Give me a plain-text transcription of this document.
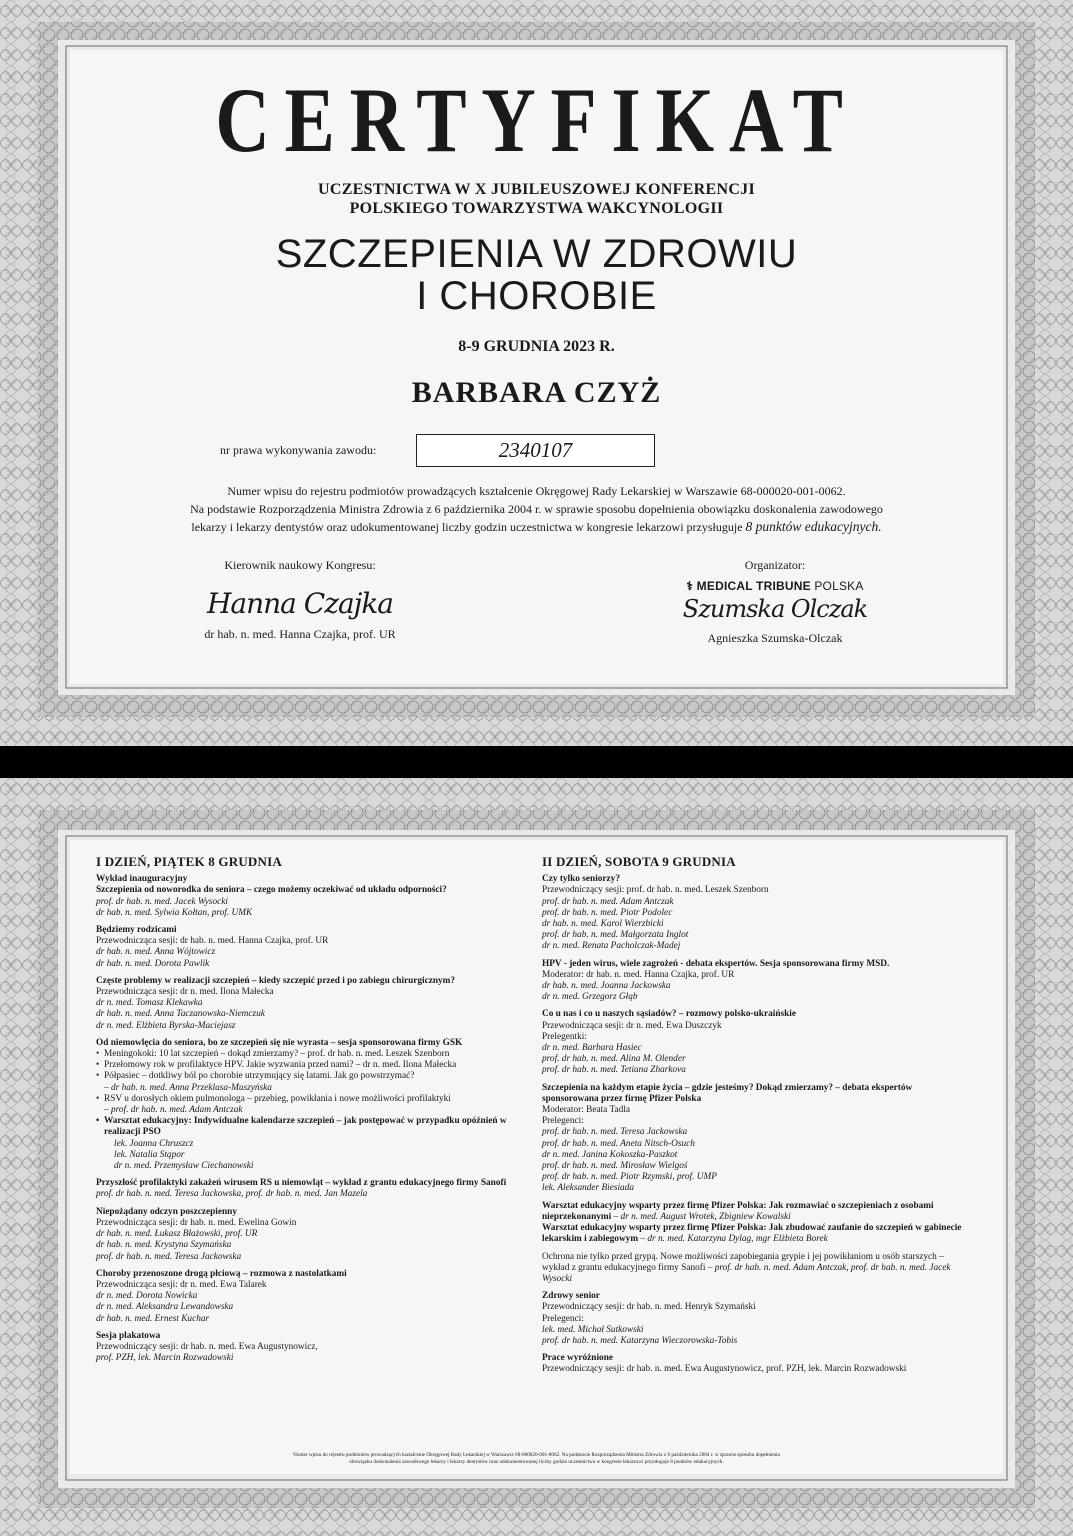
CERTYFIKAT
UCZESTNICTWA W X JUBILEUSZOWEJ KONFERENCJI
POLSKIEGO TOWARZYSTWA WAKCYNOLOGII
SZCZEPIENIA W ZDROWIU
I CHOROBIE
8-9 GRUDNIA 2023 R.
BARBARA CZYŻ
nr prawa wykonywania zawodu:	2340107
Numer wpisu do rejestru podmiotów prowadzących kształcenie Okręgowej Rady Lekarskiej w Warszawie 68-000020-001-0062.
Na podstawie Rozporządzenia Ministra Zdrowia z 6 października 2004 r. w sprawie sposobu dopełnienia obowiązku doskonalenia zawodowego
lekarzy i lekarzy dentystów oraz udokumentowanej liczby godzin uczestnictwa w kongresie lekarzowi przysługuje 8 punktów edukacyjnych.
Kierownik naukowy Kongresu:
Hanna Czajka
dr hab. n. med. Hanna Czajka, prof. UR
Organizator:
⚕ MEDICAL TRIBUNE POLSKA
Szumska Olczak
Agnieszka Szumska-Olczak
I DZIEŃ, PIĄTEK 8 GRUDNIA
Wykład inauguracyjny
Szczepienia od noworodka do seniora – czego możemy oczekiwać od układu odporności?
prof. dr hab. n. med. Jacek Wysocki
dr hab. n. med. Sylwia Kołtan, prof. UMK
Będziemy rodzicami
Przewodnicząca sesji: dr hab. n. med. Hanna Czajka, prof. UR
dr hab. n. med. Anna Wójtowicz
dr hab. n. med. Dorota Pawlik
Częste problemy w realizacji szczepień – kiedy szczepić przed i po zabiegu chirurgicznym?
Przewodnicząca sesji: dr n. med. Ilona Małecka
dr n. med. Tomasz Klekawka
dr hab. n. med. Anna Taczanowska-Niemczuk
dr n. med. Elżbieta Byrska-Maciejasz
Od niemowlęcia do seniora, bo ze szczepień się nie wyrasta – sesja sponsorowana firmy GSK
• Meningokoki: 10 lat szczepień – dokąd zmierzamy? – prof. dr hab. n. med. Leszek Szenborn
• Przełomowy rok w profilaktyce HPV. Jakie wyzwania przed nami? – dr n. med. Ilona Małecka
• Półpasiec – dotkliwy ból po chorobie utrzymujący się latami. Jak go powstrzymać?
– dr hab. n. med. Anna Przeklasa-Muszyńska
• RSV u dorosłych okiem pulmonologa – przebieg, powikłania i nowe możliwości profilaktyki
– prof. dr hab. n. med. Adam Antczak
• Warsztat edukacyjny: Indywidualne kalendarze szczepień – jak postępować w przypadku opóźnień w realizacji PSO
lek. Joanna Chruszcz
lek. Natalia Stąpor
dr n. med. Przemysław Ciechanowski
Przyszłość profilaktyki zakażeń wirusem RS u niemowląt – wykład z grantu edukacyjnego firmy Sanofi
prof. dr hab. n. med. Teresa Jackowska, prof. dr hab. n. med. Jan Mazela
Niepożądany odczyn poszczepienny
Przewodnicząca sesji: dr hab. n. med. Ewelina Gowin
dr hab. n. med. Łukasz Błażowski, prof. UR
dr hab. n. med. Krystyna Szymańska
prof. dr hab. n. med. Teresa Jackowska
Choroby przenoszone drogą płciową – rozmowa z nastolatkami
Przewodnicząca sesji: dr n. med. Ewa Talarek
dr n. med. Dorota Nowicka
dr n. med. Aleksandra Lewandowska
dr hab. n. med. Ernest Kuchar
Sesja plakatowa
Przewodniczący sesji: dr hab. n. med. Ewa Augustynowicz,
prof. PZH, lek. Marcin Rozwadowski
II DZIEŃ, SOBOTA 9 GRUDNIA
Czy tylko seniorzy?
Przewodniczący sesji: prof. dr hab. n. med. Leszek Szenborn
prof. dr hab. n. med. Adam Antczak
prof. dr hab. n. med. Piotr Podolec
dr hab. n. med. Karol Wierzbicki
prof. dr hab. n. med. Małgorzata Inglot
dr n. med. Renata Pacholczak-Madej
HPV - jeden wirus, wiele zagrożeń - debata ekspertów. Sesja sponsorowana firmy MSD.
Moderator: dr hab. n. med. Hanna Czajka, prof. UR
dr hab. n. med. Joanna Jackowska
dr n. med. Grzegorz Głąb
Co u nas i co u naszych sąsiadów? – rozmowy polsko-ukraińskie
Przewodnicząca sesji: dr n. med. Ewa Duszczyk
Prelegentki:
dr n. med. Barbara Hasiec
prof. dr hab. n. med. Alina M. Olender
prof. dr hab. n. med. Tetiana Zharkova
Szczepienia na każdym etapie życia – gdzie jesteśmy? Dokąd zmierzamy? – debata ekspertów sponsorowana przez firmę Pfizer Polska
Moderator: Beata Tadla
Prelegenci:
prof. dr hab. n. med. Teresa Jackowska
prof. dr hab. n. med. Aneta Nitsch-Osuch
dr n. med. Janina Kokoszka-Paszkot
prof. dr hab. n. med. Mirosław Wielgoś
prof. dr hab. n. med. Piotr Rzymski, prof. UMP
lek. Aleksander Biesiada
Warsztat edukacyjny wsparty przez firmę Pfizer Polska: Jak rozmawiać o szczepieniach z osobami nieprzekonanymi – dr n. med. August Wrotek, Zbigniew Kowalski
Warsztat edukacyjny wsparty przez firmę Pfizer Polska: Jak zbudować zaufanie do szczepień w gabinecie lekarskim i zabiegowym – dr n. med. Katarzyna Dylag, mgr Elżbieta Borek
Ochrona nie tylko przed grypą. Nowe możliwości zapobiegania grypie i jej powikłaniom u osób starszych – wykład z grantu edukacyjnego firmy Sanofi – prof. dr hab. n. med. Adam Antczak, prof. dr hab. n. med. Jacek Wysocki
Zdrowy senior
Przewodniczący sesji: dr hab. n. med. Henryk Szymański
Prelegenci:
lek. med. Michał Sutkowski
prof. dr hab. n. med. Katarzyna Wieczorowska-Tobis
Prace wyróżnione
Przewodniczący sesji: dr hab. n. med. Ewa Augustynowicz, prof. PZH, lek. Marcin Rozwadowski
Numer wpisu do rejestru podmiotów prowadzących kształcenie Okręgowej Rady Lekarskiej w Warszawie 68-000020-001-0062. Na podstawie Rozporządzenia Ministra Zdrowia z 6 października 2004 r. w sprawie sposobu dopełnienia
obowiązku doskonalenia zawodowego lekarzy i lekarzy dentystów oraz udokumentowanej liczby godzin uczestnictwa w kongresie lekarzowi przysługuje 8 punktów edukacyjnych.
